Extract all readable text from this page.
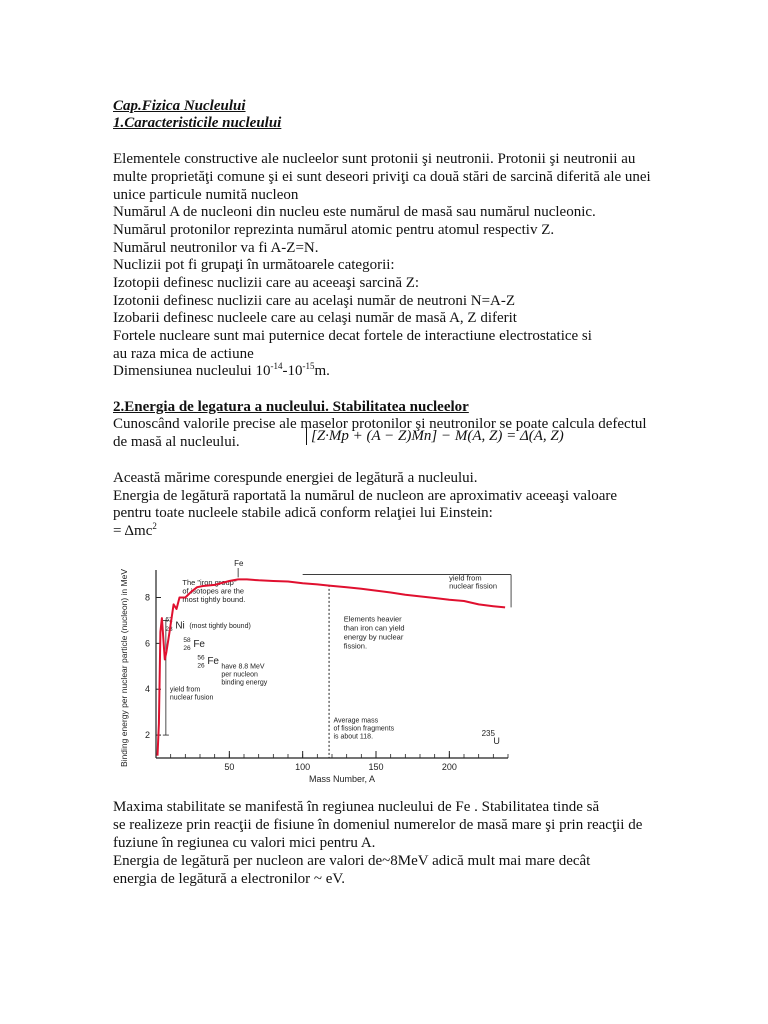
Cap.Fizica Nucleului

1.Caracteristicile nucleului

Elementele constructive ale nucleelor sunt protonii şi neutronii. Protonii şi neutronii au

multe proprietăţi comune şi ei sunt deseori priviţi ca două stări de sarcină diferită ale unei

unice particule numită nucleon

Numărul A de nucleoni din nucleu este numărul de masă sau numărul nucleonic.

Numărul protonilor reprezinta numărul atomic pentru atomul respectiv Z.

Numărul neutronilor va fi A-Z=N.

Nuclizii pot fi grupaţi în următoarele categorii:

Izotopii definesc nuclizii care au aceeaşi sarcină Z:

Izotonii definesc nuclizii care au acelaşi număr de neutroni N=A-Z

Izobarii definesc nucleele care au celaşi număr de masă A, Z diferit

Fortele nucleare sunt mai puternice decat fortele de interactiune electrostatice si

au raza mica de actiune

Dimensiunea nucleului $10^{-14}-10^{-15}m$.

2.Energia de legatura a nucleului. Stabilitatea nucleelor

Cunoscând valorile precise ale maselor protonilor şi neutronilor se poate calcula defectul

de masă al nucleului.	[Z·Mp + (A − Z)Mn] − M(A, Z) = Δ(A, Z)

Această mărime corespunde energiei de legătură a nucleului.

Energia de legătură raportată la numărul de nucleon are aproximativ aceeaşi valoare

pentru toate nucleele stabile adică conform relaţiei lui Einstein:

= Δmc$^2$

50	100	150	200
2
4
6
8
Mass Number, A
Binding energy per nuclear particle (nucleon) in MeV	yield from
nuclear fission
Fe
The "iron group"
of isotopes are the
most tightly bound.
62
28 Ni (most tightly bound)
58
26 Fe
56
26 Fe
have 8.8 MeV
per nucleon
binding energy
yield from
nuclear fusion
Elements heavier
than iron can yield
energy by nuclear
fission.
Average mass
of fission fragments
is about 118.	235
U

Maxima stabilitate se manifestă în regiunea nucleului de Fe . Stabilitatea tinde să

se realizeze prin reacţii de fisiune în domeniul numerelor de masă mare şi prin reacţii de

fuziune în regiunea cu valori mici pentru A.

Energia de legătură per nucleon are valori de~8MeV adică mult mai mare decât

energia de legătură a electronilor ~ eV.
